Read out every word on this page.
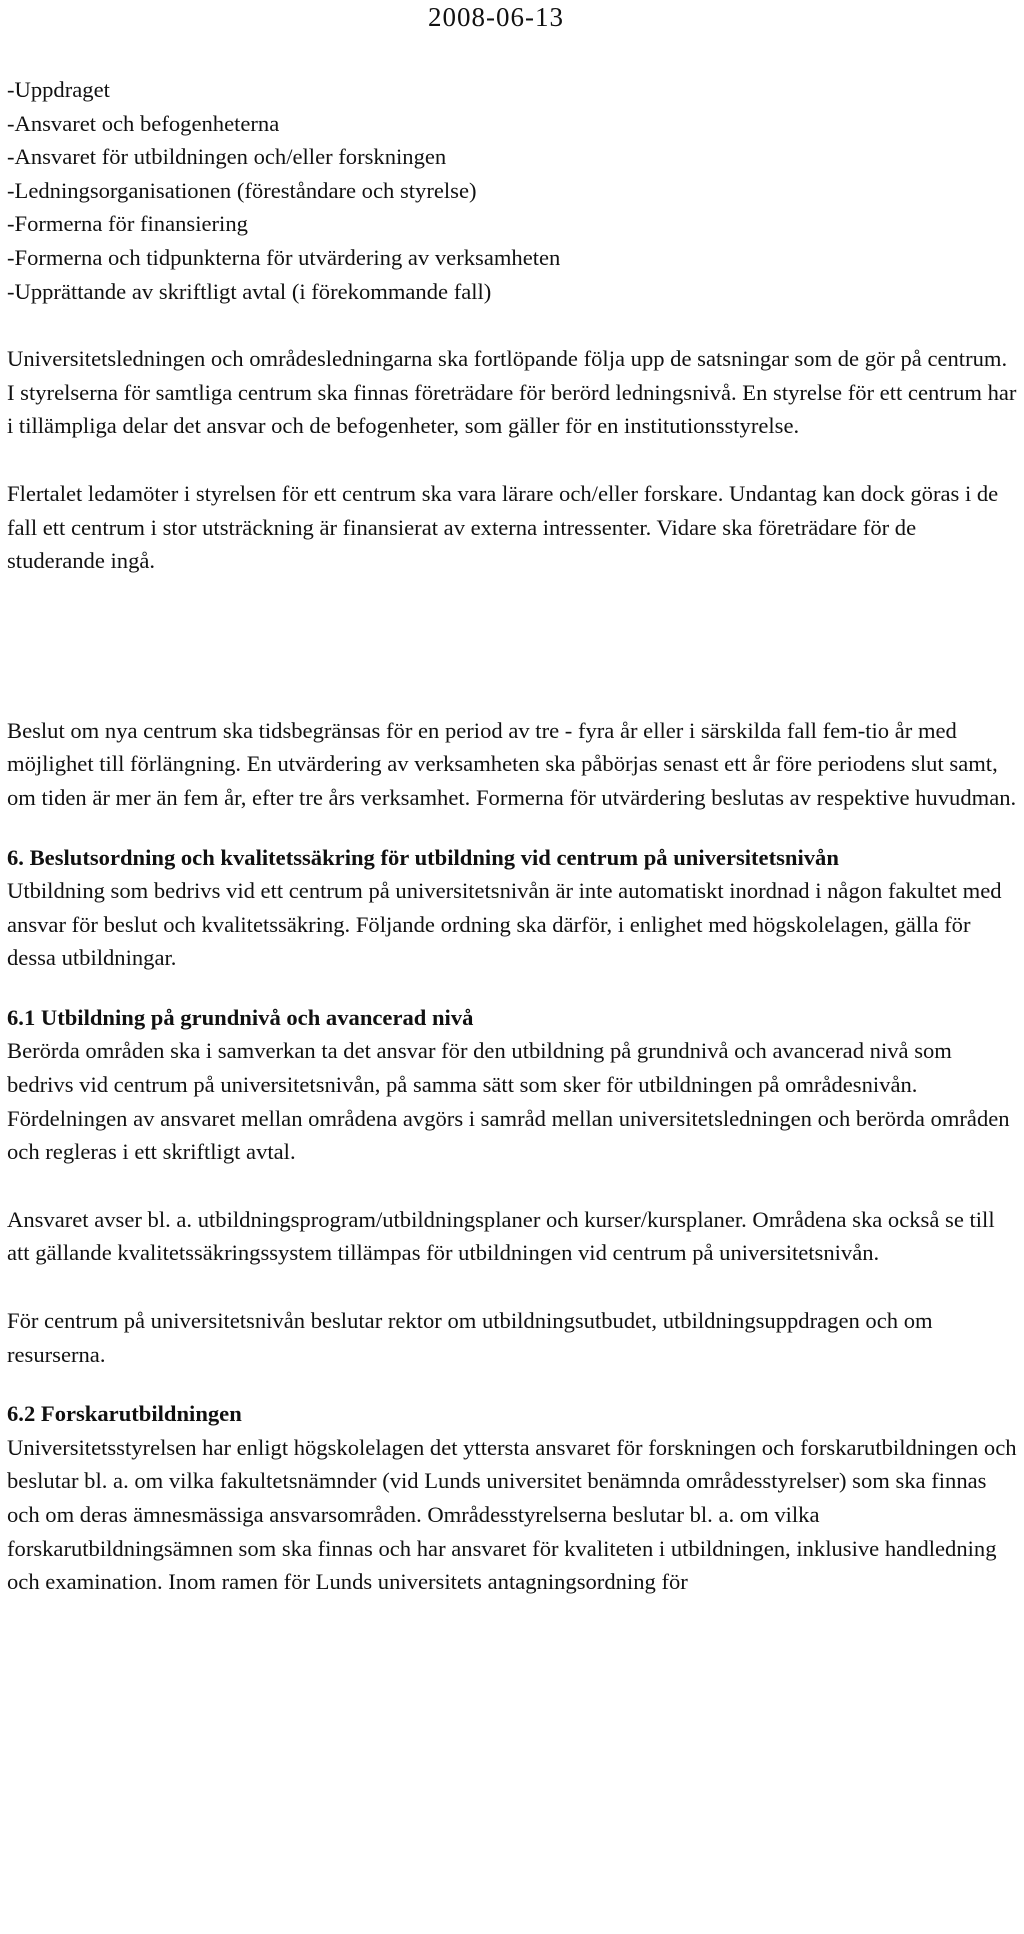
2008-06-13
-Uppdraget
-Ansvaret och befogenheterna
-Ansvaret för utbildningen och/eller forskningen
-Ledningsorganisationen (föreståndare och styrelse)
-Formerna för finansiering
-Formerna och tidpunkterna för utvärdering av verksamheten
-Upprättande av skriftligt avtal (i förekommande fall)

Universitetsledningen och områdesledningarna ska fortlöpande följa upp de satsningar som de gör på centrum. I styrelserna för samtliga centrum ska finnas företrädare för berörd ledningsnivå. En styrelse för ett centrum har i tillämpliga delar det ansvar och de befogenheter, som gäller för en institutionsstyrelse.

Flertalet ledamöter i styrelsen för ett centrum ska vara lärare och/eller forskare. Undantag kan dock göras i de fall ett centrum i stor utsträckning är finansierat av externa intressenter. Vidare ska företrädare för de studerande ingå.

Beslut om nya centrum ska tidsbegränsas för en period av tre - fyra år eller i särskilda fall fem-tio år med möjlighet till förlängning. En utvärdering av verksamheten ska påbörjas senast ett år före periodens slut samt, om tiden är mer än fem år, efter tre års verksamhet. Formerna för utvärdering beslutas av respektive huvudman.

6. Beslutsordning och kvalitetssäkring för utbildning vid centrum på universitetsnivån

Utbildning som bedrivs vid ett centrum på universitetsnivån är inte automatiskt inordnad i någon fakultet med ansvar för beslut och kvalitetssäkring. Följande ordning ska därför, i enlighet med högskolelagen, gälla för dessa utbildningar.

6.1 Utbildning på grundnivå och avancerad nivå

Berörda områden ska i samverkan ta det ansvar för den utbildning på grundnivå och avancerad nivå som bedrivs vid centrum på universitetsnivån, på samma sätt som sker för utbildningen på områdesnivån. Fördelningen av ansvaret mellan områdena avgörs i samråd mellan universitetsledningen och berörda områden och regleras i ett skriftligt avtal.

Ansvaret avser bl. a. utbildningsprogram/utbildningsplaner och kurser/kursplaner. Områdena ska också se till att gällande kvalitetssäkringssystem tillämpas för utbildningen vid centrum på universitetsnivån.

För centrum på universitetsnivån beslutar rektor om utbildningsutbudet, utbildningsuppdragen och om resurserna.

6.2 Forskarutbildningen

Universitetsstyrelsen har enligt högskolelagen det yttersta ansvaret för forskningen och forskarutbildningen och beslutar bl. a. om vilka fakultetsnämnder (vid Lunds universitet benämnda områdesstyrelser) som ska finnas och om deras ämnesmässiga ansvarsområden. Områdesstyrelserna beslutar bl. a. om vilka forskarutbildningsämnen som ska finnas och har ansvaret för kvaliteten i utbildningen, inklusive handledning och examination. Inom ramen för Lunds universitets antagningsordning för
